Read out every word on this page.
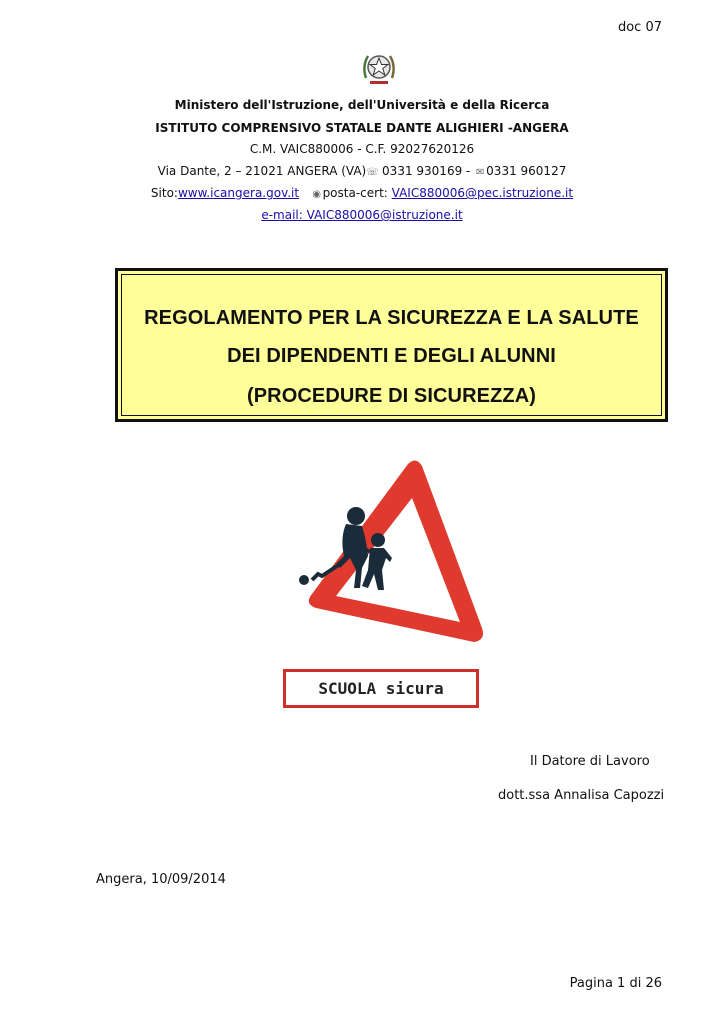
doc 07
Ministero dell'Istruzione, dell'Università e della Ricerca
ISTITUTO COMPRENSIVO STATALE DANTE ALIGHIERI -ANGERA
C.M. VAIC880006 - C.F. 92027620126
Via Dante, 2 – 21021 ANGERA (VA)☏ 0331 930169 - ✉ 0331 960127
Sito:www.icangera.gov.it ◉ posta-cert: VAIC880006@pec.istruzione.it
e-mail: VAIC880006@istruzione.it
REGOLAMENTO PER LA SICUREZZA E LA SALUTE
DEI DIPENDENTI E DEGLI ALUNNI
(PROCEDURE DI SICUREZZA)
SCUOLA sicura
Il Datore di Lavoro
dott.ssa Annalisa Capozzi
Angera, 10/09/2014
Pagina 1 di 26
